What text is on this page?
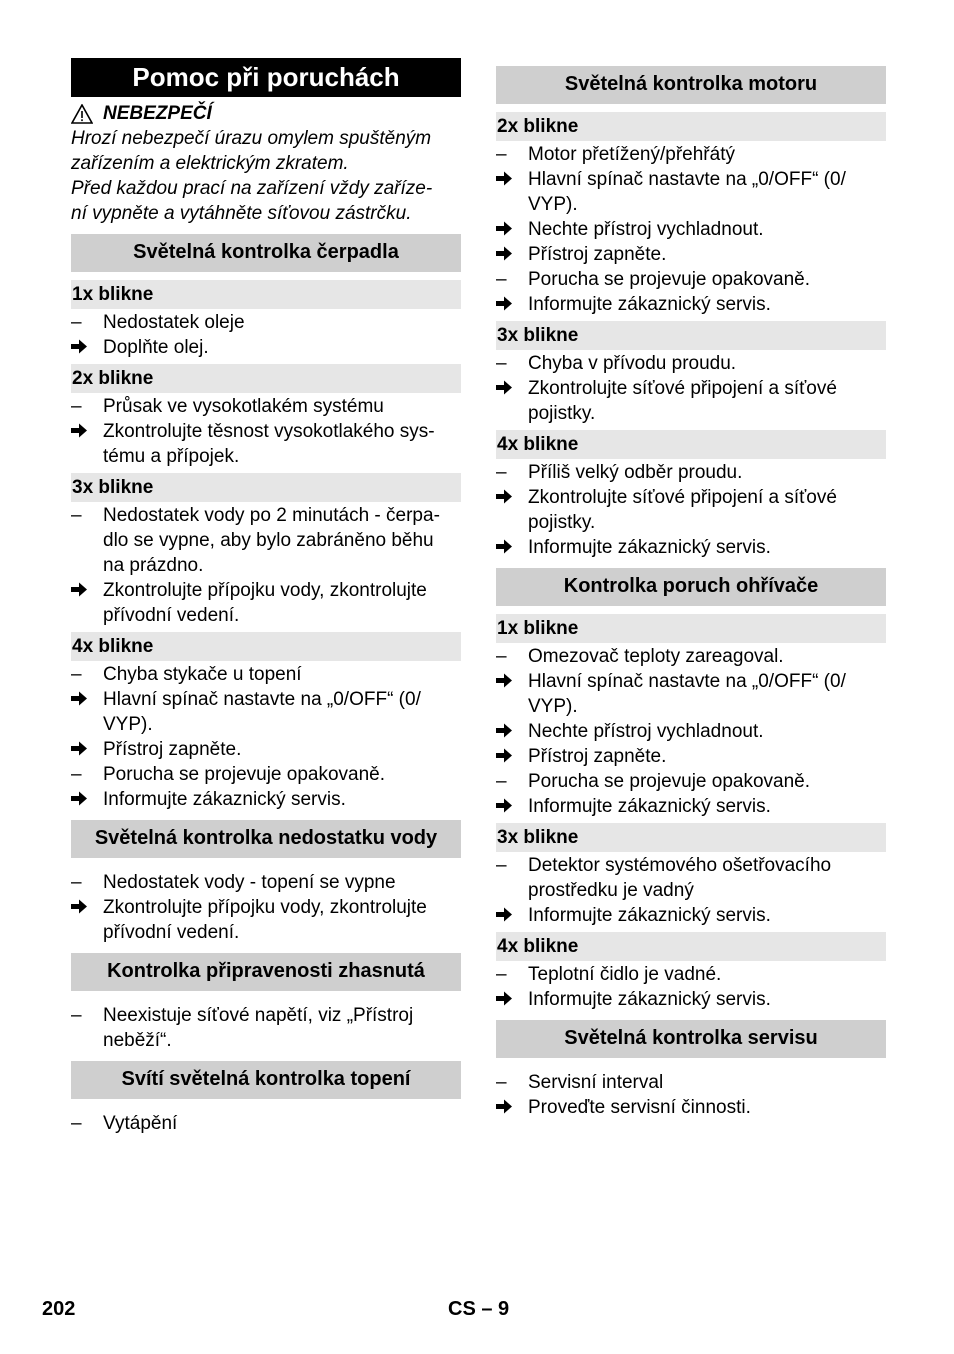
Pomoc při poruchách
NEBEZPEČÍ
Hrozí nebezpečí úrazu omylem spuštěným
zařízením a elektrickým zkratem.
Před každou prací na zařízení vždy zaříze-
ní vypněte a vytáhněte síťovou zástrčku.
Světelná kontrolka čerpadla
1x blikne
–
Nedostatek oleje
Doplňte olej.
2x blikne
–
Průsak ve vysokotlakém systému
Zkontrolujte těsnost vysokotlakého sys-
tému a přípojek.
3x blikne
–
Nedostatek vody po 2 minutách - čerpa-
dlo se vypne, aby bylo zabráněno běhu
na prázdno.
Zkontrolujte přípojku vody, zkontrolujte
přívodní vedení.
4x blikne
–
Chyba stykače u topení
Hlavní spínač nastavte na „0/OFF“ (0/
VYP).
Přístroj zapněte.
–
Porucha se projevuje opakovaně.
Informujte zákaznický servis.
Světelná kontrolka nedostatku vody
–
Nedostatek vody - topení se vypne
Zkontrolujte přípojku vody, zkontrolujte
přívodní vedení.
Kontrolka připravenosti zhasnutá
–
Neexistuje síťové napětí, viz „Přístroj
neběží“.
Svítí světelná kontrolka topení
–
Vytápění
Světelná kontrolka motoru
2x blikne
–
Motor přetížený/přehřátý
Hlavní spínač nastavte na „0/OFF“ (0/
VYP).
Nechte přístroj vychladnout.
Přístroj zapněte.
–
Porucha se projevuje opakovaně.
Informujte zákaznický servis.
3x blikne
–
Chyba v přívodu proudu.
Zkontrolujte síťové připojení a síťové
pojistky.
4x blikne
–
Příliš velký odběr proudu.
Zkontrolujte síťové připojení a síťové
pojistky.
Informujte zákaznický servis.
Kontrolka poruch ohřívače
1x blikne
–
Omezovač teploty zareagoval.
Hlavní spínač nastavte na „0/OFF“ (0/
VYP).
Nechte přístroj vychladnout.
Přístroj zapněte.
–
Porucha se projevuje opakovaně.
Informujte zákaznický servis.
3x blikne
–
Detektor systémového ošetřovacího
prostředku je vadný
Informujte zákaznický servis.
4x blikne
–
Teplotní čidlo je vadné.
Informujte zákaznický servis.
Světelná kontrolka servisu
–
Servisní interval
Proveďte servisní činnosti.
202	CS – 9
